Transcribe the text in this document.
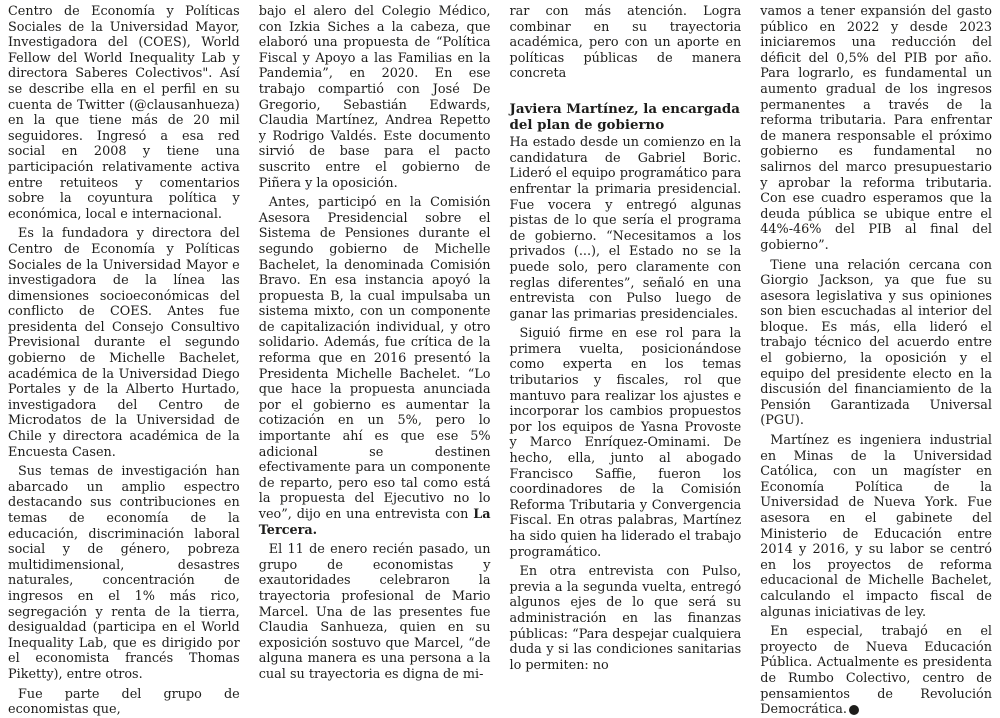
Centro de Economía y Políticas Sociales de la Universidad Mayor, Investigadora del (COES), World Fellow del World Inequality Lab y directora Saberes Colectivos". Así se describe ella en el perfil en su cuenta de Twitter (@clausanhueza) en la que tiene más de 20 mil seguidores. Ingresó a esa red social en 2008 y tiene una participación relativamente activa entre retuiteos y comentarios sobre la coyuntura política y económica, local e internacional.

Es la fundadora y directora del Centro de Economía y Políticas Sociales de la Universidad Mayor e investigadora de la línea las dimensiones socioeconómicas del conflicto de COES. Antes fue presidenta del Consejo Consultivo Previsional durante el segundo gobierno de Michelle Bachelet, académica de la Universidad Diego Portales y de la Alberto Hurtado, investigadora del Centro de Microdatos de la Universidad de Chile y directora académica de la Encuesta Casen.

Sus temas de investigación han abarcado un amplio espectro destacando sus contribuciones en temas de economía de la educación, discriminación laboral social y de género, pobreza multidimensional, desastres naturales, concentración de ingresos en el 1% más rico, segregación y renta de la tierra, desigualdad (participa en el World Inequality Lab, que es dirigido por el economista francés Thomas Piketty), entre otros.

Fue parte del grupo de economistas que,

bajo el alero del Colegio Médico, con Izkia Siches a la cabeza, que elaboró una propuesta de “Política Fiscal y Apoyo a las Familias en la Pandemia”, en 2020. En ese trabajo compartió con José De Gregorio, Sebastián Edwards, Claudia Martínez, Andrea Repetto y Rodrigo Valdés. Este documento sirvió de base para el pacto suscrito entre el gobierno de Piñera y la oposición.

Antes, participó en la Comisión Asesora Presidencial sobre el Sistema de Pensiones durante el segundo gobierno de Michelle Bachelet, la denominada Comisión Bravo. En esa instancia apoyó la propuesta B, la cual impulsaba un sistema mixto, con un componente de capitalización individual, y otro solidario. Además, fue crítica de la reforma que en 2016 presentó la Presidenta Michelle Bachelet. “Lo que hace la propuesta anunciada por el gobierno es aumentar la cotización en un 5%, pero lo importante ahí es que ese 5% adicional se destinen efectivamente para un componente de reparto, pero eso tal como está la propuesta del Ejecutivo no lo veo”, dijo en una entrevista con La Tercera.

El 11 de enero recién pasado, un grupo de economistas y exautoridades celebraron la trayectoria profesional de Mario Marcel. Una de las presentes fue Claudia Sanhueza, quien en su exposición sostuvo que Marcel, “de alguna manera es una persona a la cual su trayectoria es digna de mi-

rar con más atención. Logra combinar en su trayectoria académica, pero con un aporte en políticas públicas de manera concreta

Javiera Martínez, la encargada del plan de gobierno

Ha estado desde un comienzo en la candidatura de Gabriel Boric. Lideró el equipo programático para enfrentar la primaria presidencial. Fue vocera y entregó algunas pistas de lo que sería el programa de gobierno. “Necesitamos a los privados (...), el Estado no se la puede solo, pero claramente con reglas diferentes”, señaló en una entrevista con Pulso luego de ganar las primarias presidenciales.

Siguió firme en ese rol para la primera vuelta, posicionándose como experta en los temas tributarios y fiscales, rol que mantuvo para realizar los ajustes e incorporar los cambios propuestos por los equipos de Yasna Provoste y Marco Enríquez-Ominami. De hecho, ella, junto al abogado Francisco Saffie, fueron los coordinadores de la Comisión Reforma Tributaria y Convergencia Fiscal. En otras palabras, Martínez ha sido quien ha liderado el trabajo programático.

En otra entrevista con Pulso, previa a la segunda vuelta, entregó algunos ejes de lo que será su administración en las finanzas públicas: “Para despejar cualquiera duda y si las condiciones sanitarias lo permiten: no

vamos a tener expansión del gasto público en 2022 y desde 2023 iniciaremos una reducción del déficit del 0,5% del PIB por año. Para lograrlo, es fundamental un aumento gradual de los ingresos permanentes a través de la reforma tributaria. Para enfrentar de manera responsable el próximo gobierno es fundamental no salirnos del marco presupuestario y aprobar la reforma tributaria. Con ese cuadro esperamos que la deuda pública se ubique entre el 44%-46% del PIB al final del gobierno”.

Tiene una relación cercana con Giorgio Jackson, ya que fue su asesora legislativa y sus opiniones son bien escuchadas al interior del bloque. Es más, ella lideró el trabajo técnico del acuerdo entre el gobierno, la oposición y el equipo del presidente electo en la discusión del financiamiento de la Pensión Garantizada Universal (PGU).

Martínez es ingeniera industrial en Minas de la Universidad Católica, con un magíster en Economía Política de la Universidad de Nueva York. Fue asesora en el gabinete del Ministerio de Educación entre 2014 y 2016, y su labor se centró en los proyectos de reforma educacional de Michelle Bachelet, calculando el impacto fiscal de algunas iniciativas de ley.

En especial, trabajó en el proyecto de Nueva Educación Pública. Actualmente es presidenta de Rumbo Colectivo, centro de pensamientos de Revolución Democrática. P
